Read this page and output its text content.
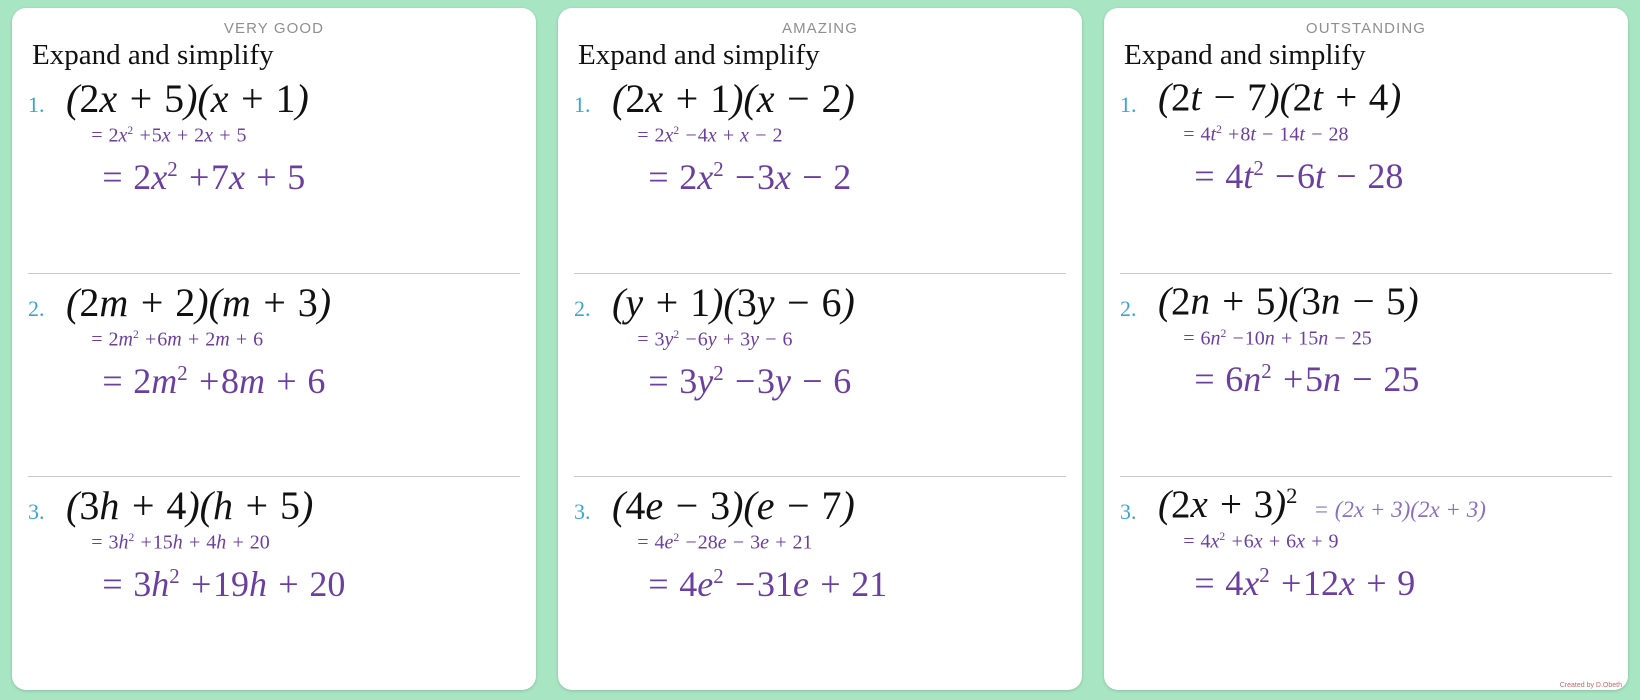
VERY GOOD
Expand and simplify
1. (2x + 5)(x + 1)
= $2x^2 +5x + 2x + 5$
= $2x^2 +7x + 5$
2. (2m + 2)(m + 3)
= $2m^2 +6m + 2m + 6$
= $2m^2 +8m + 6$
3. (3h + 4)(h + 5)
= $3h^2 +15h + 4h + 20$
= $3h^2 +19h + 20$
AMAZING
Expand and simplify
1. (2x + 1)(x − 2)
= $2x^2 -4x + x - 2$
= $2x^2 -3x - 2$
2. (y + 1)(3y − 6)
= $3y^2 -6y + 3y - 6$
= $3y^2 -3y - 6$
3. (4e − 3)(e − 7)
= $4e^2 -28e - 3e + 21$
= $4e^2 -31e + 21$
OUTSTANDING
Expand and simplify
1. (2t − 7)(2t + 4)
= $4t^2 +8t - 14t - 28$
= $4t^2 -6t - 28$
2. (2n + 5)(3n − 5)
= $6n^2 -10n + 15n - 25$
= $6n^2 +5n - 25$
3. $(2x + 3)^2$
= (2x + 3)(2x + 3)
= $4x^2 +6x + 6x + 9$
= $4x^2 +12x + 9$
Created by D.Obeth
